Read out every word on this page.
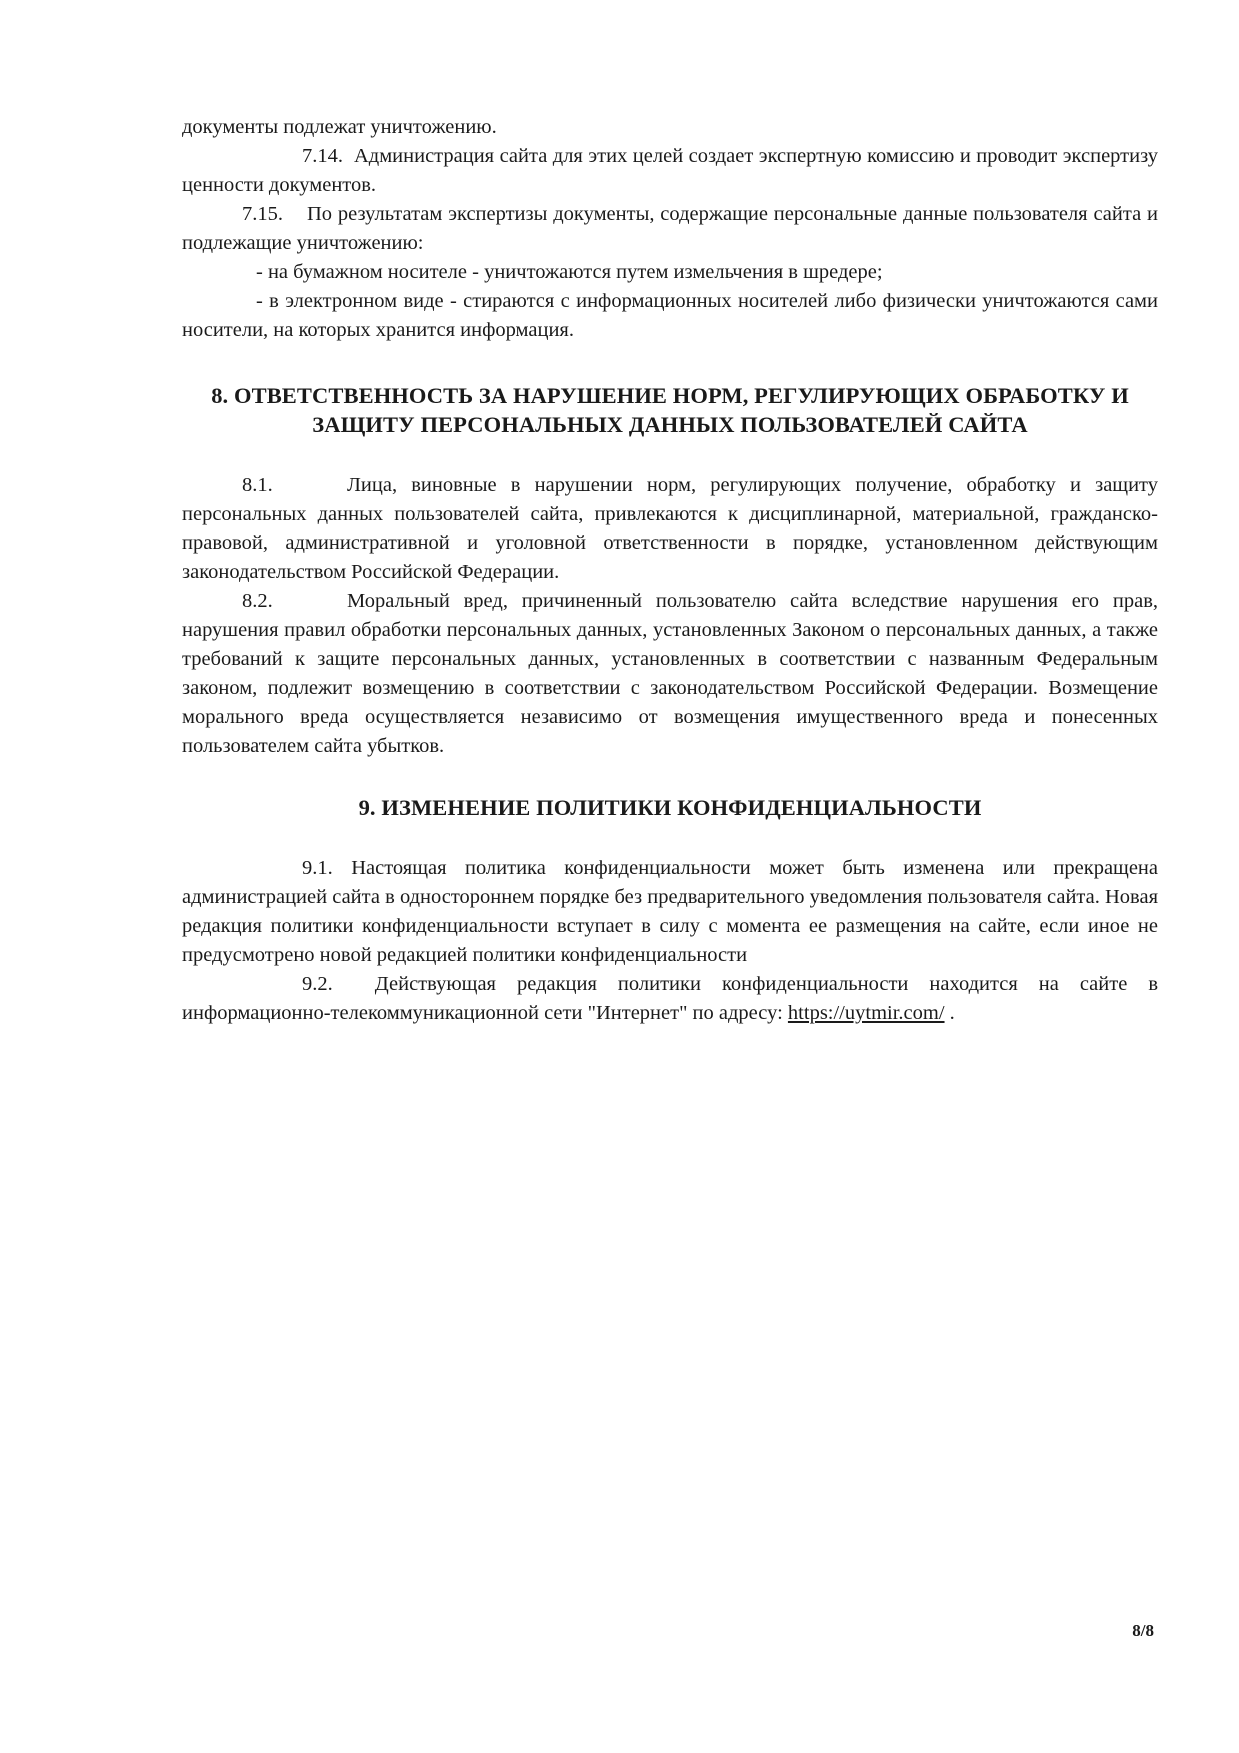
документы подлежат уничтожению.

7.14. Администрация сайта для этих целей создает экспертную комиссию и проводит экспертизу ценности документов.

7.15. По результатам экспертизы документы, содержащие персональные данные пользователя сайта и подлежащие уничтожению:

- на бумажном носителе - уничтожаются путем измельчения в шредере;

- в электронном виде - стираются с информационных носителей либо физически уничтожаются сами носители, на которых хранится информация.

8. ОТВЕТСТВЕННОСТЬ ЗА НАРУШЕНИЕ НОРМ, РЕГУЛИРУЮЩИХ ОБРАБОТКУ И ЗАЩИТУ ПЕРСОНАЛЬНЫХ ДАННЫХ ПОЛЬЗОВАТЕЛЕЙ САЙТА

8.1.	Лица, виновные в нарушении норм, регулирующих получение, обработку и защиту персональных данных пользователей сайта, привлекаются к дисциплинарной, материальной, гражданско-правовой, административной и уголовной ответственности в порядке, установленном действующим законодательством Российской Федерации.

8.2.	Моральный вред, причиненный пользователю сайта вследствие нарушения его прав, нарушения правил обработки персональных данных, установленных Законом о персональных данных, а также требований к защите персональных данных, установленных в соответствии с названным Федеральным законом, подлежит возмещению в соответствии с законодательством Российской Федерации. Возмещение морального вреда осуществляется независимо от возмещения имущественного вреда и понесенных пользователем сайта убытков.

9. ИЗМЕНЕНИЕ ПОЛИТИКИ КОНФИДЕНЦИАЛЬНОСТИ

9.1. Настоящая политика конфиденциальности может быть изменена или прекращена администрацией сайта в одностороннем порядке без предварительного уведомления пользователя сайта. Новая редакция политики конфиденциальности вступает в силу с момента ее размещения на сайте, если иное не предусмотрено новой редакцией политики конфиденциальности

9.2. Действующая редакция политики конфиденциальности находится на сайте в информационно-телекоммуникационной сети "Интернет" по адресу: https://uytmir.com/ .

8/8
